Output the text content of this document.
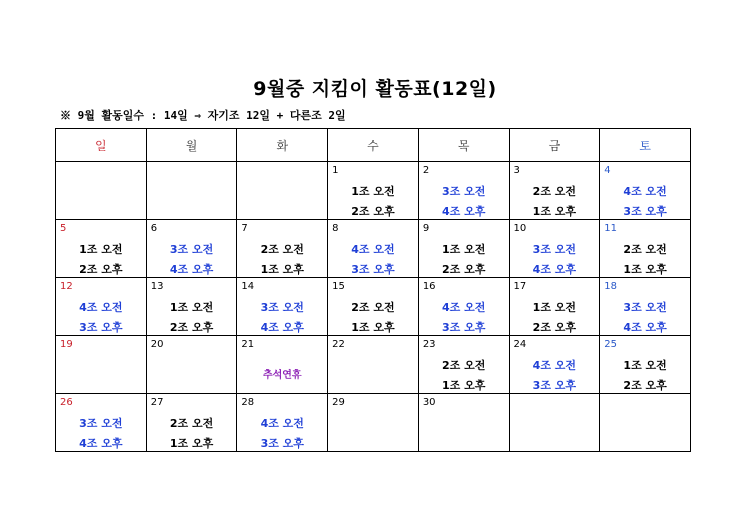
9월중 지킴이 활동표(12일)
※ 9월 활동일수 : 14일 ⇒ 자기조 12일 + 다른조 2일
일	월	화	수	목	금	토

			1
1조 오전
2조 오후	2
3조 오전
4조 오후	3
2조 오전
1조 오후	4
4조 오전
3조 오후

5
1조 오전
2조 오후	6
3조 오전
4조 오후	7
2조 오전
1조 오후	8
4조 오전
3조 오후	9
1조 오전
2조 오후	10
3조 오전
4조 오후	11
2조 오전
1조 오후

12
4조 오전
3조 오후	13
1조 오전
2조 오후	14
3조 오전
4조 오후	15
2조 오전
1조 오후	16
4조 오전
3조 오후	17
1조 오전
2조 오후	18
3조 오전
4조 오후

19	20	21
추석연휴	22	23
2조 오전
1조 오후	24
4조 오전
3조 오후	25
1조 오전
2조 오후

26
3조 오전
4조 오후	27
2조 오전
1조 오후	28
4조 오전
3조 오후	29	30		
